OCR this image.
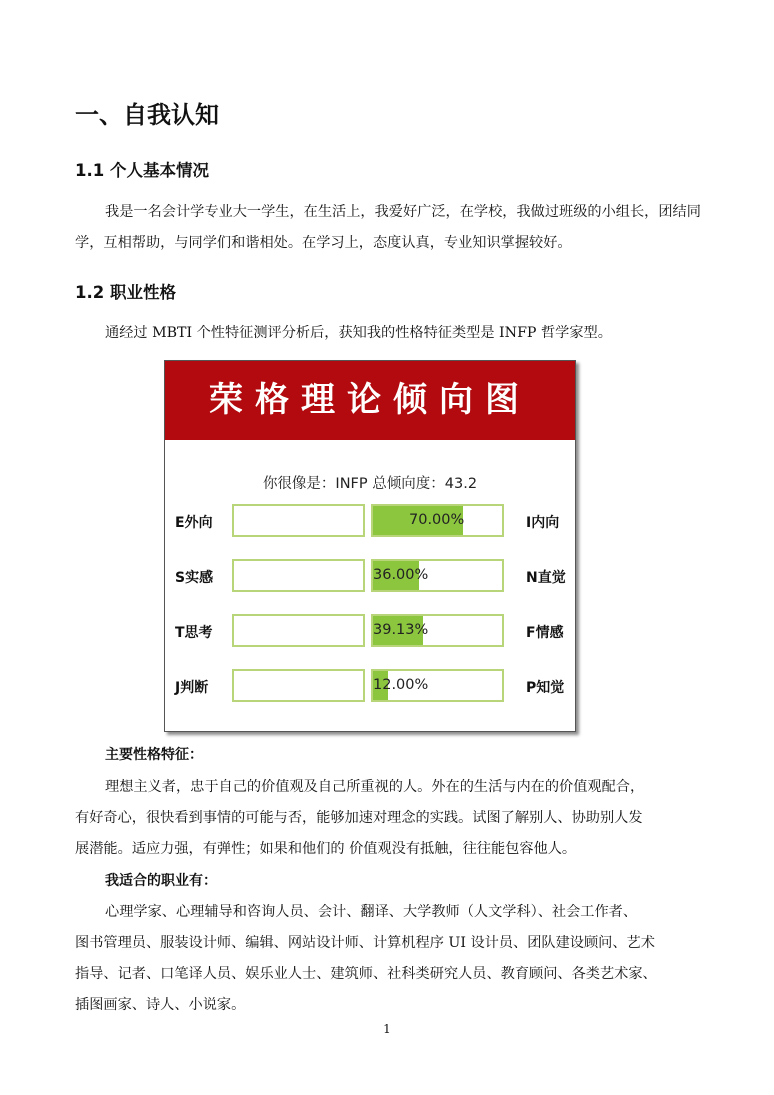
一、自我认知
1.1 个人基本情况
我是一名会计学专业大一学生，在生活上，我爱好广泛，在学校，我做过班级的小组长，团结同学，互相帮助，与同学们和谐相处。在学习上，态度认真，专业知识掌握较好。
1.2 职业性格
通经过 MBTI 个性特征测评分析后，获知我的性格特征类型是 INFP 哲学家型。
荣格理论倾向图
你很像是：INFP 总倾向度：43.2
E外向	70.00%	I内向
S实感	36.00%	N直觉
T思考	39.13%	F情感
J判断	12.00%	P知觉
主要性格特征：
理想主义者，忠于自己的价值观及自己所重视的人。外在的生活与内在的价值观配合，
有好奇心，很快看到事情的可能与否，能够加速对理念的实践。试图了解别人、协助别人发
展潜能。适应力强，有弹性；如果和他们的 价值观没有抵触，往往能包容他人。
我适合的职业有：
心理学家、心理辅导和咨询人员、会计、翻译、大学教师（人文学科）、社会工作者、
图书管理员、服装设计师、编辑、网站设计师、计算机程序 UI 设计员、团队建设顾问、艺术
指导、记者、口笔译人员、娱乐业人士、建筑师、社科类研究人员、教育顾问、各类艺术家、
插图画家、诗人、小说家。
1
